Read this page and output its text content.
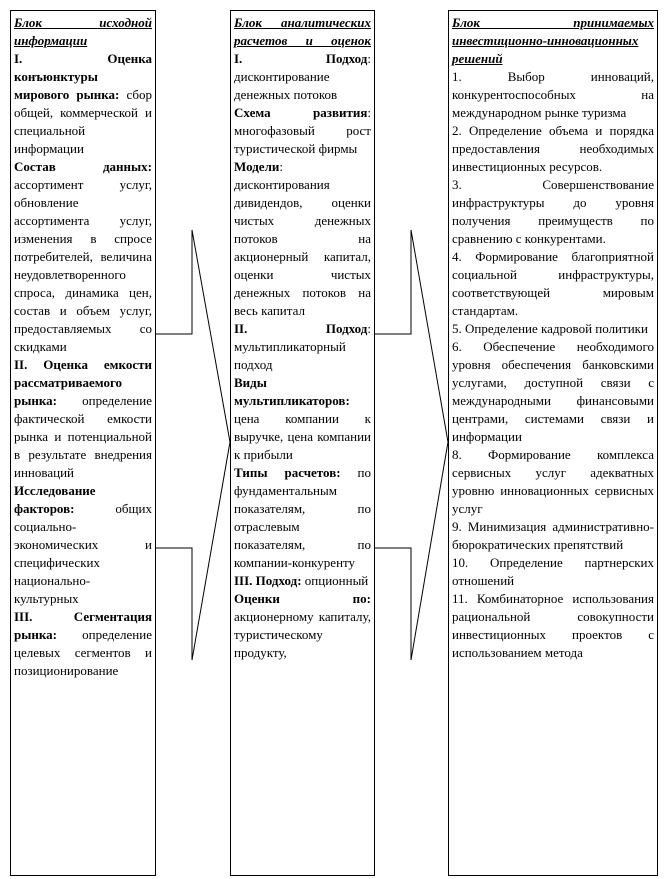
Блок исходной информации

I. Оценка конъюнктуры мирового рынка: сбор общей, коммерческой и специальной информации

Состав данных: ассортимент услуг, обновление ассортимента услуг, изменения в спросе потребителей, величина неудовлетворенного спроса, динамика цен, состав и объем услуг, предоставляемых со скидками

II. Оценка емкости рассматриваемого рынка: определение фактической емкости рынка и потенциальной в результате внедрения инноваций

Исследование факторов: общих социально-экономических и специфических национально-культурных

III. Сегментация рынка: определение целевых сегментов и позиционирование

Блок аналитических расчетов и оценок

I. Подход: дисконтирование денежных потоков

Схема развития: многофазовый рост туристической фирмы

Модели: дисконтирования дивидендов, оценки чистых денежных потоков на акционерный капитал, оценки чистых денежных потоков на весь капитал

II. Подход: мультипликаторный подход

Виды мультипликаторов: цена компании к выручке, цена компании к прибыли

Типы расчетов: по фундаментальным показателям, по отраслевым показателям, по компании-конкуренту

III. Подход: опционный

Оценки по: акционерному капиталу, туристическому продукту,

Блок принимаемых инвестиционно-инновационных решений

1. Выбор инноваций, конкурентоспособных на международном рынке туризма

2. Определение объема и порядка предоставления необходимых инвестиционных ресурсов.

3. Совершенствование инфраструктуры до уровня получения преимуществ по сравнению с конкурентами.

4. Формирование благоприятной социальной инфраструктуры, соответствующей мировым стандартам.

5. Определение кадровой политики

6. Обеспечение необходимого уровня обеспечения банковскими услугами, доступной связи с международными финансовыми центрами, системами связи и информации

8. Формирование комплекса сервисных услуг адекватных уровню инновационных сервисных услуг

9. Минимизация административно-бюрократических препятствий

10. Определение партнерских отношений

11. Комбинаторное использования рациональной совокупности инвестиционных проектов с использованием метода
